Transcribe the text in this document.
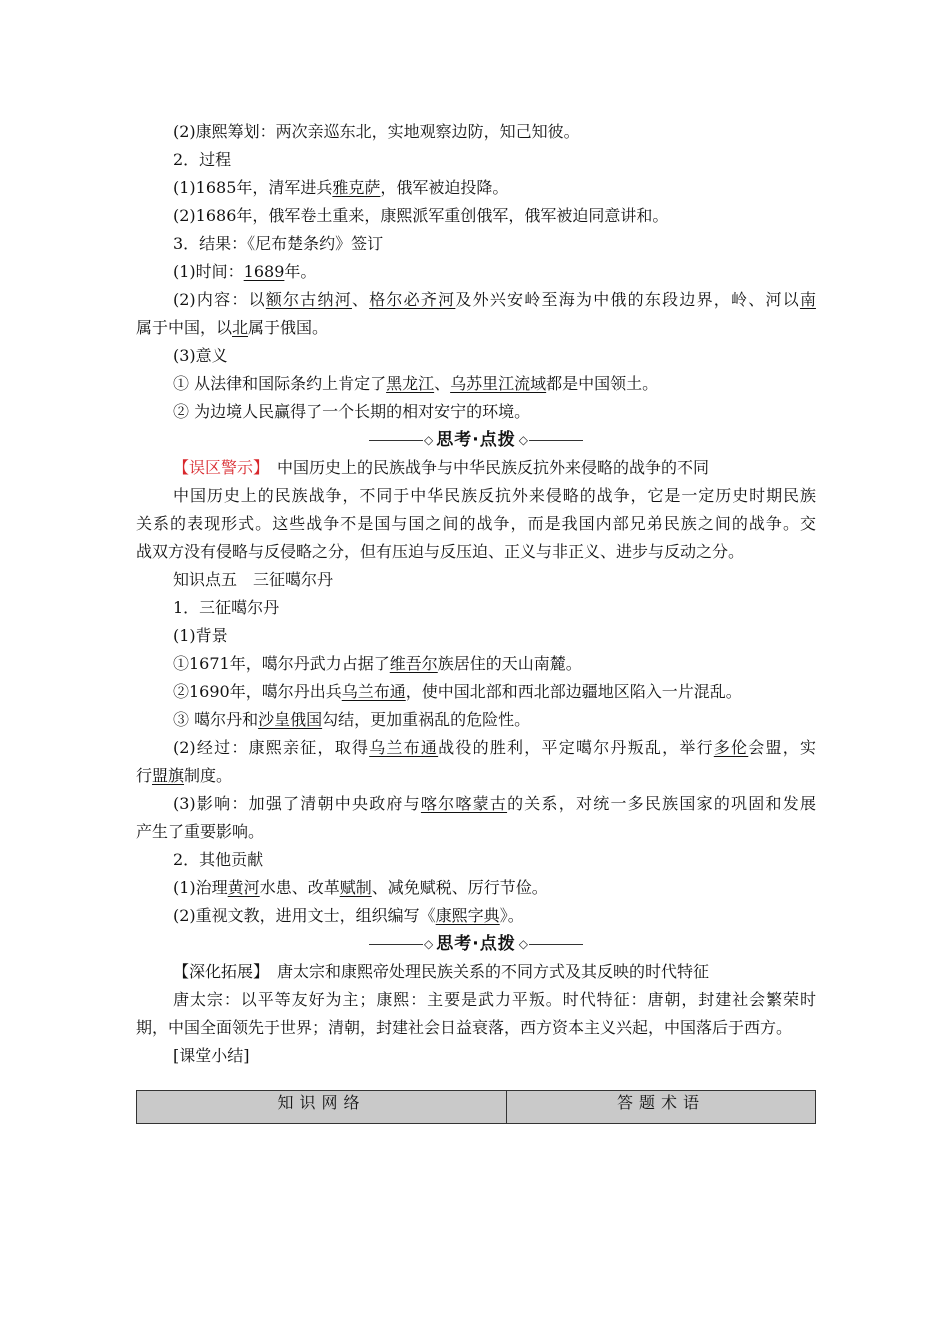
(2)康熙筹划：两次亲巡东北，实地观察边防，知己知彼。
2．过程
(1)1685年，清军进兵雅克萨，俄军被迫投降。
(2)1686年，俄军卷土重来，康熙派军重创俄军，俄军被迫同意讲和。
3．结果：《尼布楚条约》签订
(1)时间：1689年。
(2)内容：以额尔古纳河、格尔必齐河及外兴安岭至海为中俄的东段边界，岭、河以南
属于中国，以北属于俄国。
(3)意义
① 从法律和国际条约上肯定了黑龙江、乌苏里江流域都是中国领土。
② 为边境人民赢得了一个长期的相对安宁的环境。
◇ 思考·点拨 ◇
【误区警示】　中国历史上的民族战争与中华民族反抗外来侵略的战争的不同
中国历史上的民族战争，不同于中华民族反抗外来侵略的战争，它是一定历史时期民族
关系的表现形式。这些战争不是国与国之间的战争，而是我国内部兄弟民族之间的战争。交
战双方没有侵略与反侵略之分，但有压迫与反压迫、正义与非正义、进步与反动之分。
知识点五　三征噶尔丹
1．三征噶尔丹
(1)背景
①1671年，噶尔丹武力占据了维吾尔族居住的天山南麓。
②1690年，噶尔丹出兵乌兰布通，使中国北部和西北部边疆地区陷入一片混乱。
③ 噶尔丹和沙皇俄国勾结，更加重祸乱的危险性。
(2)经过：康熙亲征，取得乌兰布通战役的胜利，平定噶尔丹叛乱，举行多伦会盟，实
行盟旗制度。
(3)影响：加强了清朝中央政府与喀尔喀蒙古的关系，对统一多民族国家的巩固和发展
产生了重要影响。
2．其他贡献
(1)治理黄河水患、改革赋制、减免赋税、厉行节俭。
(2)重视文教，进用文士，组织编写《康熙字典》。
◇ 思考·点拨 ◇
【深化拓展】　唐太宗和康熙帝处理民族关系的不同方式及其反映的时代特征
唐太宗：以平等友好为主；康熙：主要是武力平叛。时代特征：唐朝，封建社会繁荣时
期，中国全面领先于世界；清朝，封建社会日益衰落，西方资本主义兴起，中国落后于西方。
[课堂小结]
知识网络	答题术语
